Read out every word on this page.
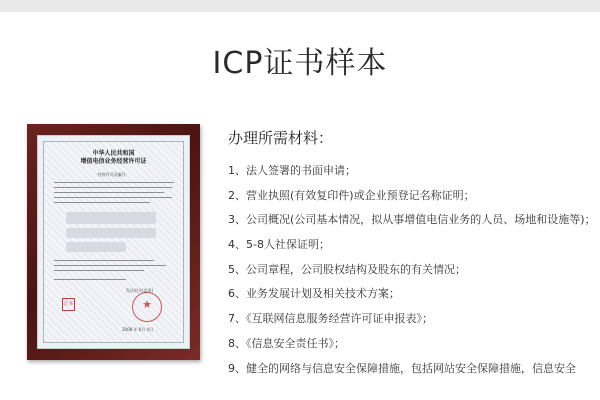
ICP证书样本
中华人民共和国
增值电信业务经营许可证
经营许可证编号：
正本	★
发证机关(盖章)
2008 年 6月 4日
办理所需材料：
1、法人签署的书面申请；
2、营业执照(有效复印件)或企业预登记名称证明；
3、公司概况(公司基本情况，拟从事增值电信业务的人员、场地和设施等)；
4、5-8人社保证明；
5、公司章程，公司股权结构及股东的有关情况；
6、业务发展计划及相关技术方案；
7、《互联网信息服务经营许可证申报表》；
8、《信息安全责任书》；
9、健全的网络与信息安全保障措施，包括网站安全保障措施，信息安全
